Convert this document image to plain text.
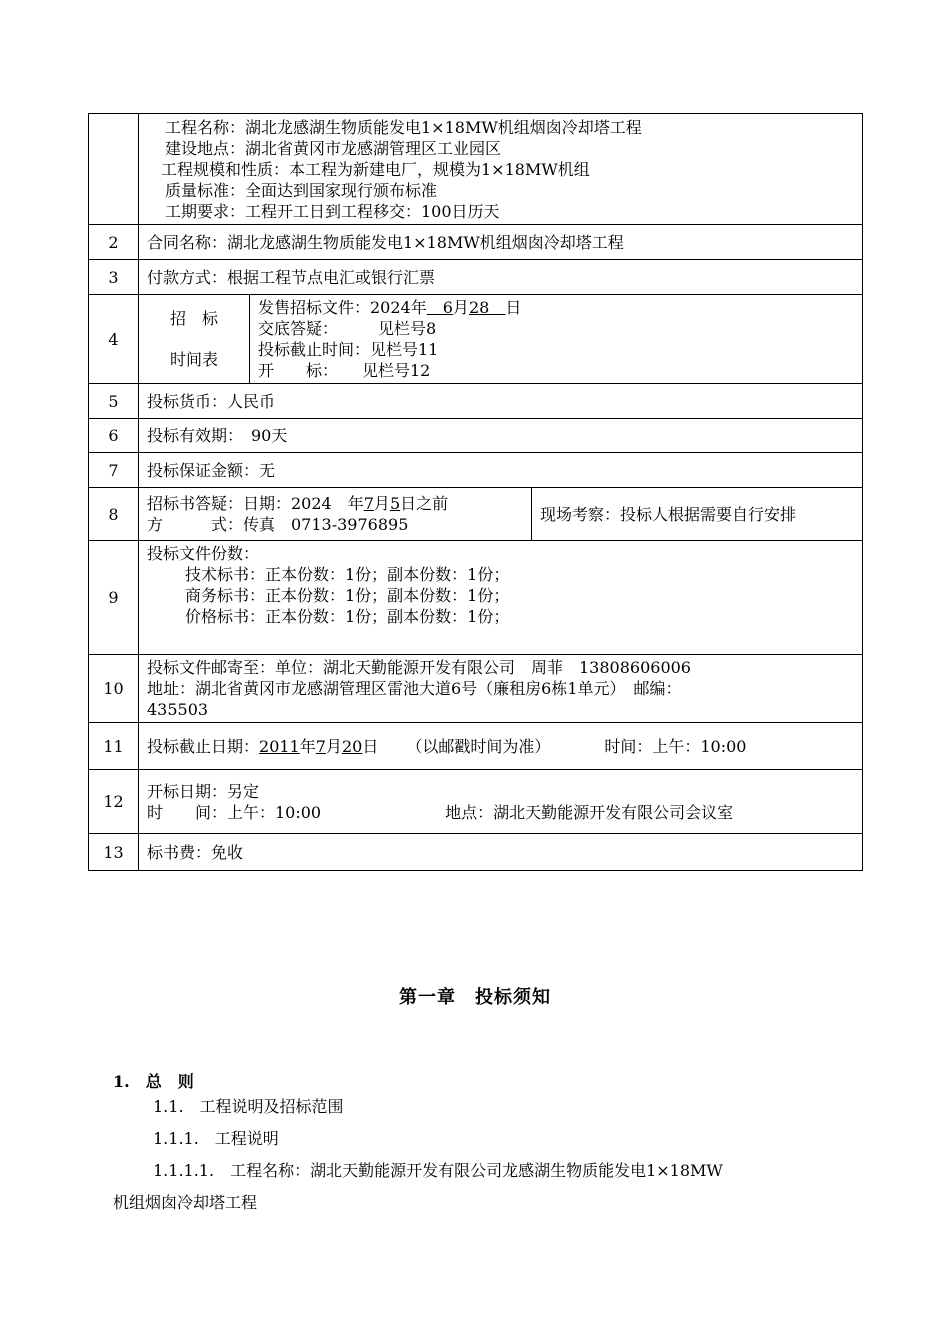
工程名称：湖北龙感湖生物质能发电1×18MW机组烟囱冷却塔工程
建设地点：湖北省黄冈市龙感湖管理区工业园区
工程规模和性质：本工程为新建电厂，规模为1×18MW机组
质量标准：全面达到国家现行颁布标准
工期要求：工程开工日到工程移交：100日历天

2	合同名称：湖北龙感湖生物质能发电1×18MW机组烟囱冷却塔工程

3	付款方式：根据工程节点电汇或银行汇票

4	
招　标
时间表

发售招标文件：2024年　6月28　日
交底答疑：　　　见栏号8
投标截止时间：见栏号11
开　　标：　　见栏号12

5	投标货币：人民币

6	投标有效期：　90天

7	投标保证金额：无

8	
招标书答疑：日期：2024　年7月5日之前
方　　　式：传真　0713-3976895

现场考察：投标人根据需要自行安排

9	
投标文件份数：
技术标书：正本份数：1份；副本份数：1份；
商务标书：正本份数：1份；副本份数：1份；
价格标书：正本份数：1份；副本份数：1份；

10	
投标文件邮寄至：单位：湖北天勤能源开发有限公司　周菲　13808606006
地址：湖北省黄冈市龙感湖管理区雷池大道6号（廉租房6栋1单元）　邮编：
435503

11	投标截止日期：2011年7月20日 （以邮戳时间为准）	时间：上午：10:00

12	
开标日期：另定
时　　间：上午：10:00	地点：湖北天勤能源开发有限公司会议室

13	标书费：免收
第一章　投标须知
1.　总　则
1.1.　工程说明及招标范围
1.1.1.　工程说明
1.1.1.1.　工程名称：湖北天勤能源开发有限公司龙感湖生物质能发电1×18MW
机组烟囱冷却塔工程
